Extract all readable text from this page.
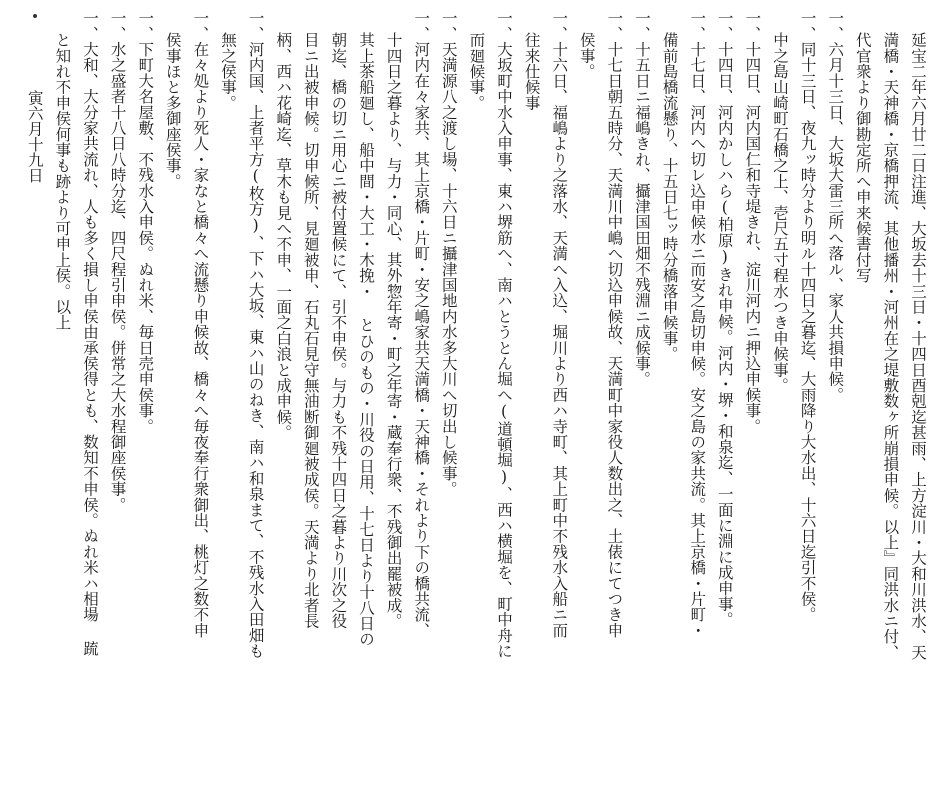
延宝二年六月廿二日注進、大坂去十三日・十四日酉剋迄甚雨、上方淀川・大和川洪水、天
満橋・天神橋・京橋押流、其他播州・河州在之堤敷数ヶ所崩損申候。以上』同洪水ニ付、
代官衆より御勘定所へ申来候書付写
一、六月十三日、大坂大雷三所へ落ル、家人共損申候。
一、同十三日、夜九ッ時分より明ル十四日之暮迄、大雨降り大水出、十六日迄引不侯。
中之島山崎町石橋之上、壱尺五寸程水つき申候事。
一、十四日、河内国仁和寺堤きれ、淀川河内ニ押込申候事。
一、十四日、河内かしハら(柏原)きれ申候。河内・堺・和泉迄、一面に淵に成申事。
一、十七日、河内へ切レ込申候水ニ而安之島切申候。安之島の家共流。其上京橋・片町・
備前島橋流懸り、十五日七ッ時分橋落申候事。
一、十五日ニ福嶋きれ、攝津国田畑不残淵ニ成候事。
一、十七日朝五時分、天満川中嶋へ切込申候故、天満町中家役人数出之、土俵にてつき申
侯事。
一、十六日、福嶋より之落水、天満へ入込、堀川より西ハ寺町、其上町中不残水入船ニ而
往来仕候事
一、大坂町中水入申事、東ハ堺筋へ、南ハとうとん堀へ(道頓堀)、西ハ横堀を、町中舟に
而廻候事。
一、天満源八之渡し場、十六日ニ攝津国地内水多大川へ切出し候事。
一、河内在々家共、其上京橋・片町・安之嶋家共天満橋・天神橋・それより下の橋共流、
十四日之暮より、与力・同心、其外惣年寄・町之年寄・蔵奉行衆、不残御出罷被成。
其上茶船廻し、船中間・大工・木挽・ とひのもの・川役の日用、十七日より十八日の
朝迄、橋の切ニ用心ニ被付置候にて、引不申侯。与力も不残十四日之暮より川次之役
目ニ出被申候。切申候所、見廻被申、石丸石見守無油断御廻被成侯。天満より北者長
柄、西ハ花崎迄、草木も見へ不申、一面之白浪と成申候。
一、河内国、上者平方(枚方)、下ハ大坂、東ハ山のねき、南ハ和泉まて、不残水入田畑も
無之侯事。
一、在々処より死人・家なと橋々へ流懸り申候故、橋々へ毎夜奉行衆御出、桃灯之数不申
侯事ほと多御座侯事。
一、下町大名屋敷、不残水入申侯。ぬれ米、毎日売申侯事。
一、水之盛者十八日八時分迄、四尺程引申侯。併常之大水程御座侯事。
一、大和、大分家共流れ、人も多く損し申侯由承侯得とも、数知不申侯。ぬれ米ハ相場 䟽
と知れ不申侯何事も跡より可申上侯。以上
寅六月十九日
